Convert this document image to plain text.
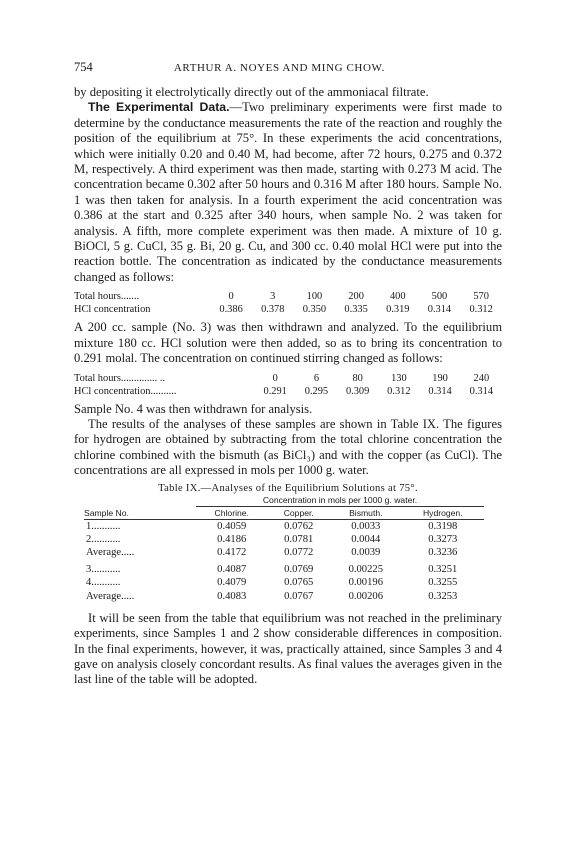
754	ARTHUR A. NOYES AND MING CHOW.

by depositing it electrolytically directly out of the ammoniacal filtrate.

The Experimental Data.—Two preliminary experiments were first made to determine by the conductance measurements the rate of the reaction and roughly the position of the equilibrium at 75°. In these experiments the acid concentrations, which were initially 0.20 and 0.40 M, had become, after 72 hours, 0.275 and 0.372 M, respectively. A third experiment was then made, starting with 0.273 M acid. The concentration became 0.302 after 50 hours and 0.316 M after 180 hours. Sample No. 1 was then taken for analysis. In a fourth experiment the acid concentration was 0.386 at the start and 0.325 after 340 hours, when sample No. 2 was taken for analysis. A fifth, more complete experiment was then made. A mixture of 10 g. BiOCl, 5 g. CuCl, 35 g. Bi, 20 g. Cu, and 300 cc. 0.40 molal HCl were put into the reaction bottle. The concentration as indicated by the conductance measurements changed as follows:

Total hours.......	0	3	100	200	400	500	570
HCl concentration	0.386	0.378	0.350	0.335	0.319	0.314	0.312

A 200 cc. sample (No. 3) was then withdrawn and analyzed. To the equilibrium mixture 180 cc. HCl solution were then added, so as to bring its concentration to 0.291 molal. The concentration on continued stirring changed as follows:

Total hours.............. ..	0	6	80	130	190	240
HCl concentration..........	0.291	0.295	0.309	0.312	0.314	0.314

Sample No. 4 was then withdrawn for analysis.

The results of the analyses of these samples are shown in Table IX. The figures for hydrogen are obtained by subtracting from the total chlorine concentration the chlorine combined with the bismuth (as BiCl₃) and with the copper (as CuCl). The concentrations are all expressed in mols per 1000 g. water.

Table IX.—Analyses of the Equilibrium Solutions at 75°.
Sample No.	Concentration in mols per 1000 g. water.			
	Chlorine.	Copper.	Bismuth.	Hydrogen.
1...........	0.4059	0.0762	0.0033	0.3198
2...........	0.4186	0.0781	0.0044	0.3273
Average.....	0.4172	0.0772	0.0039	0.3236
3...........	0.4087	0.0769	0.00225	0.3251
4...........	0.4079	0.0765	0.00196	0.3255
Average.....	0.4083	0.0767	0.00206	0.3253

It will be seen from the table that equilibrium was not reached in the preliminary experiments, since Samples 1 and 2 show considerable differences in composition. In the final experiments, however, it was, practically attained, since Samples 3 and 4 gave on analysis closely concordant results. As final values the averages given in the last line of the table will be adopted.
